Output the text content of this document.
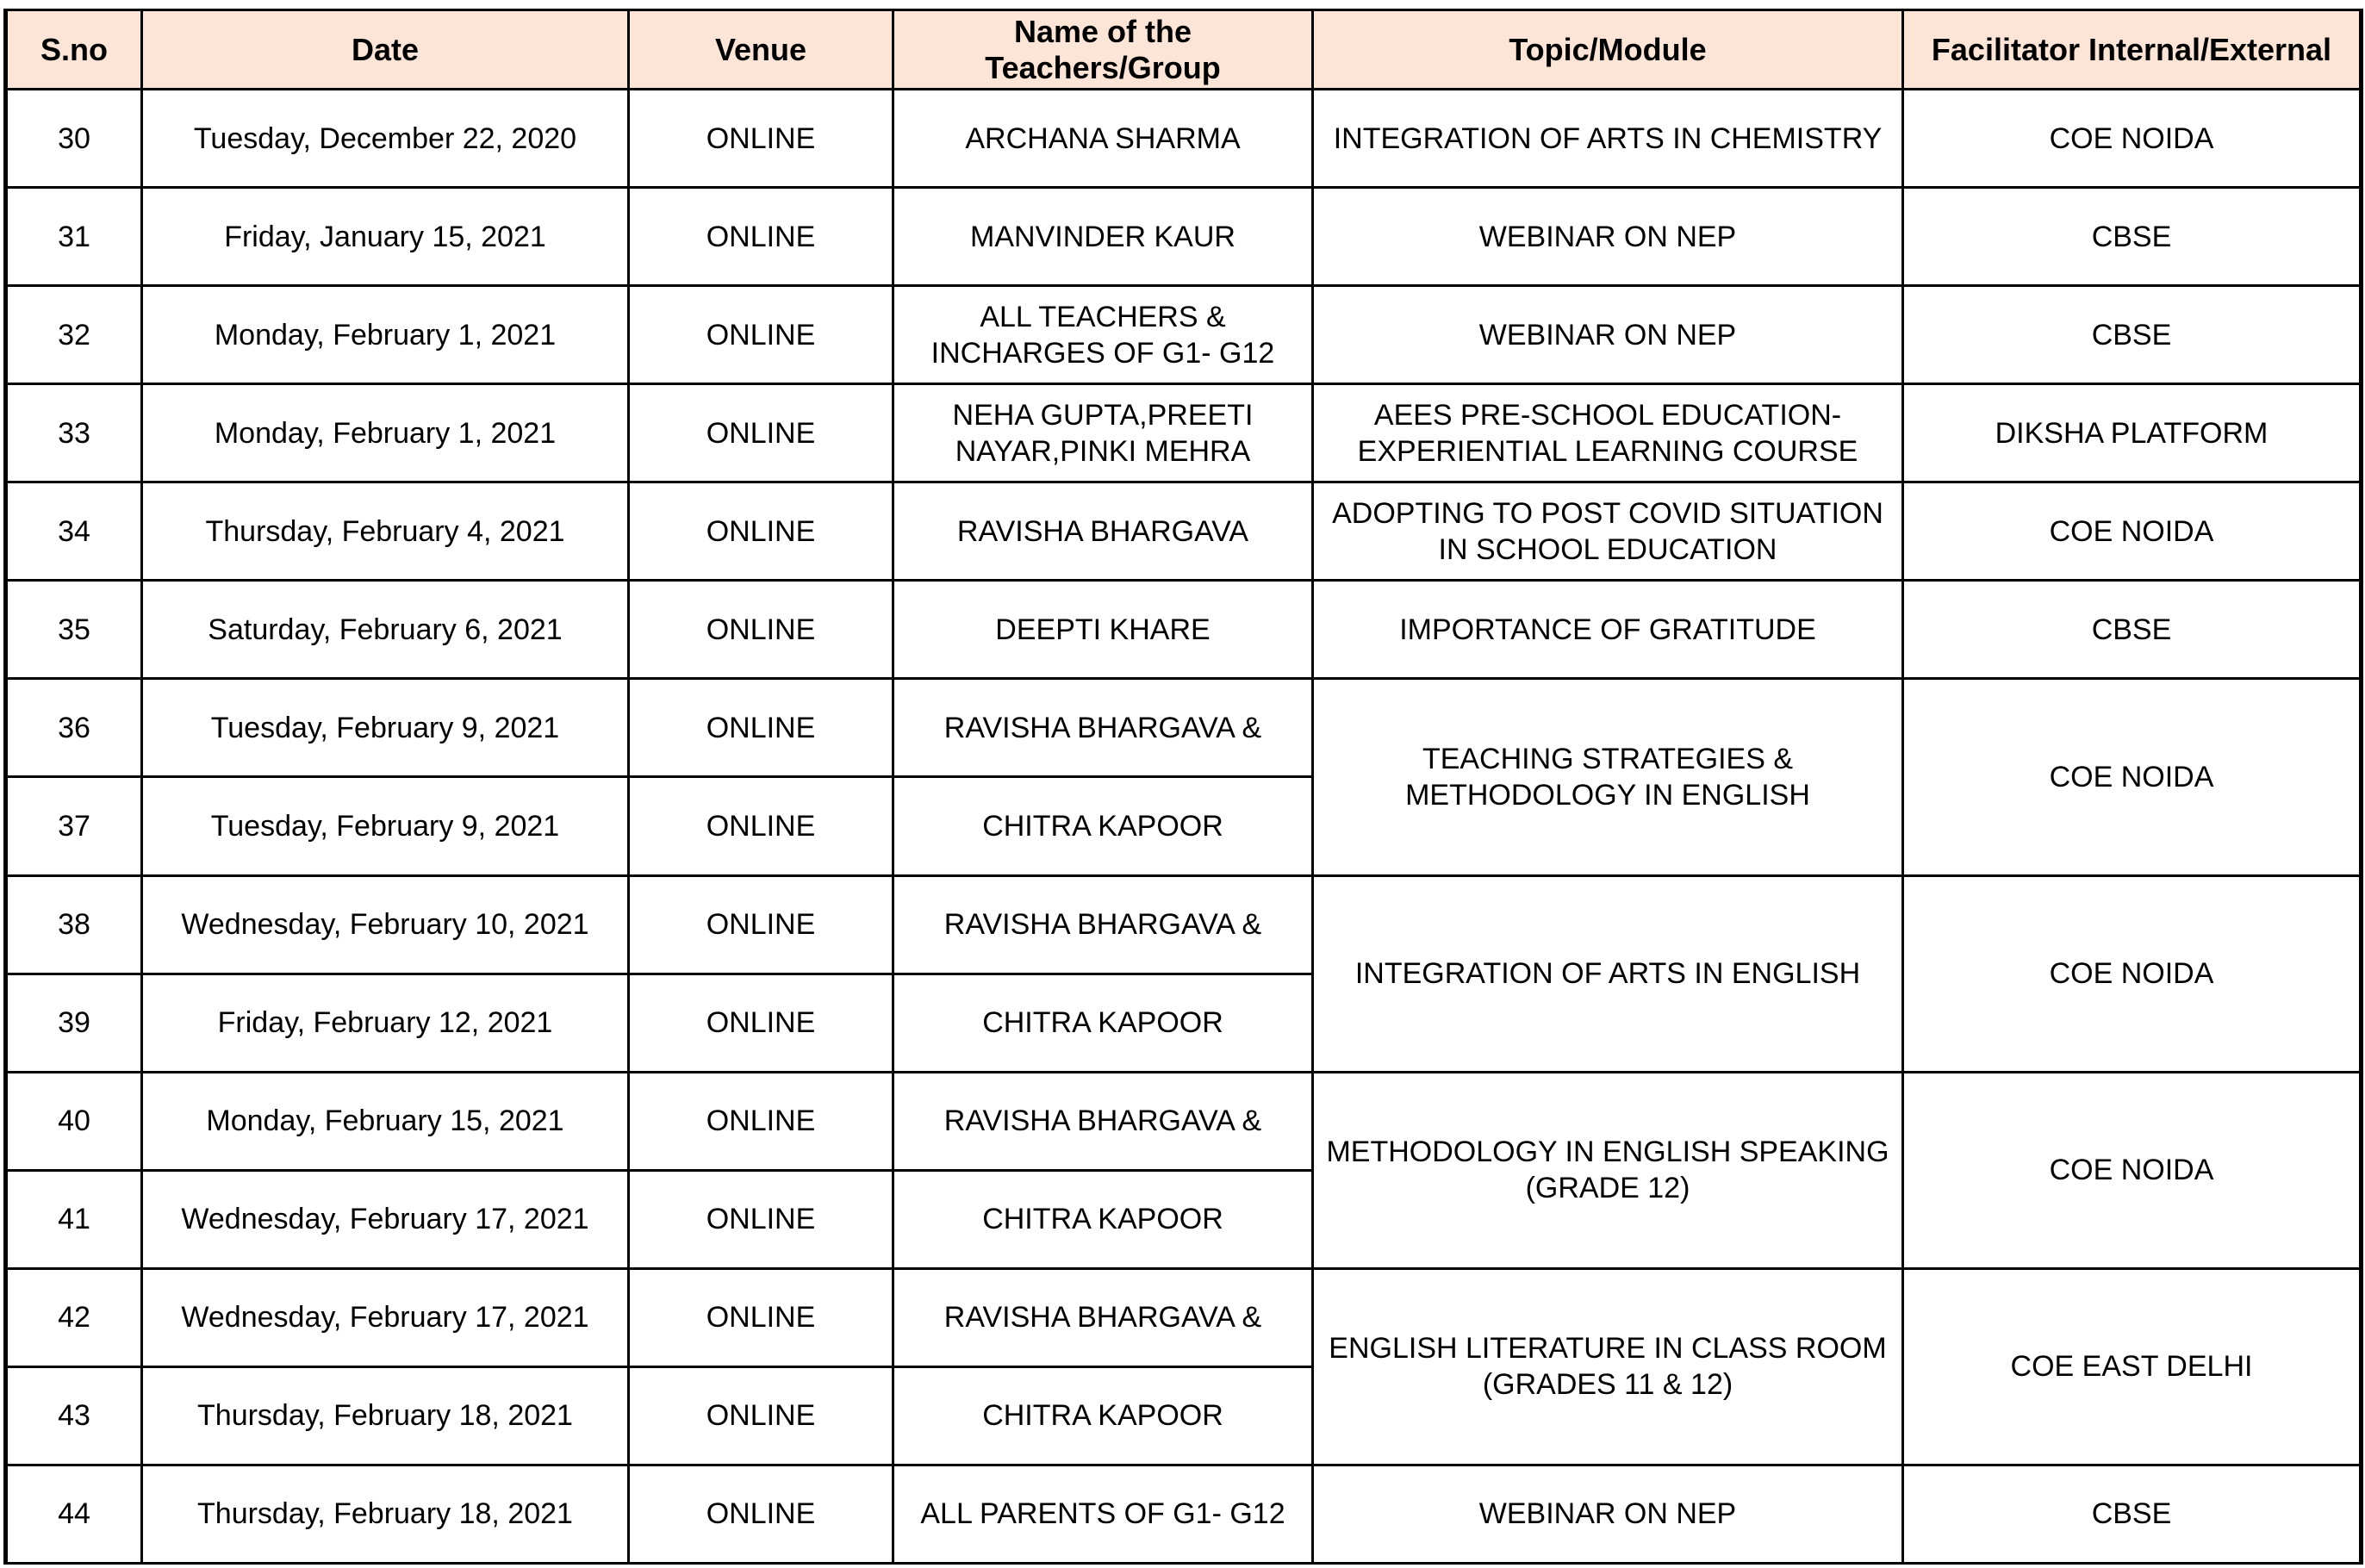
S.no	Date	Venue	Name of the Teachers/Group	Topic/Module	Facilitator Internal/External
30	Tuesday, December 22, 2020	ONLINE	ARCHANA SHARMA	INTEGRATION OF ARTS IN CHEMISTRY	COE NOIDA
31	Friday, January 15, 2021	ONLINE	MANVINDER KAUR	WEBINAR ON NEP	CBSE
32	Monday, February 1, 2021	ONLINE	ALL TEACHERS & INCHARGES OF G1- G12	WEBINAR ON NEP	CBSE
33	Monday, February 1, 2021	ONLINE	NEHA GUPTA,PREETI NAYAR,PINKI MEHRA	AEES PRE-SCHOOL EDUCATION-EXPERIENTIAL LEARNING COURSE	DIKSHA PLATFORM
34	Thursday, February 4, 2021	ONLINE	RAVISHA BHARGAVA	ADOPTING TO POST COVID SITUATION IN SCHOOL EDUCATION	COE NOIDA
35	Saturday, February 6, 2021	ONLINE	DEEPTI KHARE	IMPORTANCE OF GRATITUDE	CBSE
36	Tuesday, February 9, 2021	ONLINE	RAVISHA BHARGAVA &	TEACHING STRATEGIES & METHODOLOGY IN ENGLISH	COE NOIDA
37	Tuesday, February 9, 2021	ONLINE	CHITRA KAPOOR		
38	Wednesday, February 10, 2021	ONLINE	RAVISHA BHARGAVA &	INTEGRATION OF ARTS IN ENGLISH	COE NOIDA
39	Friday, February 12, 2021	ONLINE	CHITRA KAPOOR		
40	Monday, February 15, 2021	ONLINE	RAVISHA BHARGAVA &	METHODOLOGY IN ENGLISH SPEAKING (GRADE 12)	COE NOIDA
41	Wednesday, February 17, 2021	ONLINE	CHITRA KAPOOR		
42	Wednesday, February 17, 2021	ONLINE	RAVISHA BHARGAVA &	ENGLISH LITERATURE IN CLASS ROOM (GRADES 11 & 12)	COE EAST DELHI
43	Thursday, February 18, 2021	ONLINE	CHITRA KAPOOR		
44	Thursday, February 18, 2021	ONLINE	ALL PARENTS OF G1- G12	WEBINAR ON NEP	CBSE
